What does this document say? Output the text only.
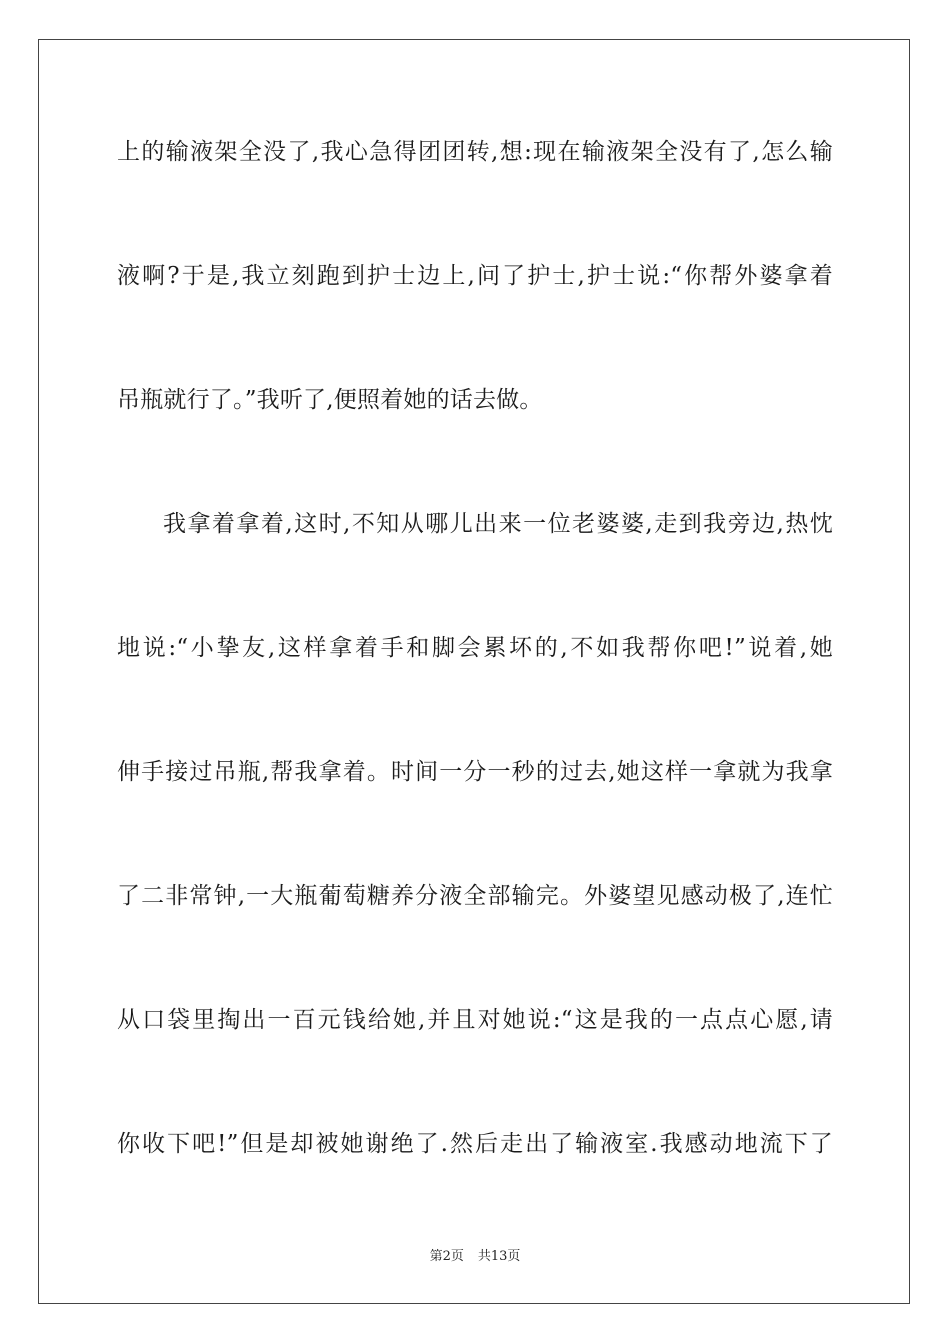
上的输液架全没了,我心急得团团转,想:现在输液架全没有了,怎么输
液啊?于是,我立刻跑到护士边上,问了护士,护士说:“你帮外婆拿着
吊瓶就行了。”我听了,便照着她的话去做。
我拿着拿着,这时,不知从哪儿出来一位老婆婆,走到我旁边,热忱
地说:“小挚友,这样拿着手和脚会累坏的,不如我帮你吧!”说着,她
伸手接过吊瓶,帮我拿着。时间一分一秒的过去,她这样一拿就为我拿
了二非常钟,一大瓶葡萄糖养分液全部输完。外婆望见感动极了,连忙
从口袋里掏出一百元钱给她,并且对她说:“这是我的一点点心愿,请
你收下吧!”但是却被她谢绝了.然后走出了输液室.我感动地流下了
第2页 共13页
